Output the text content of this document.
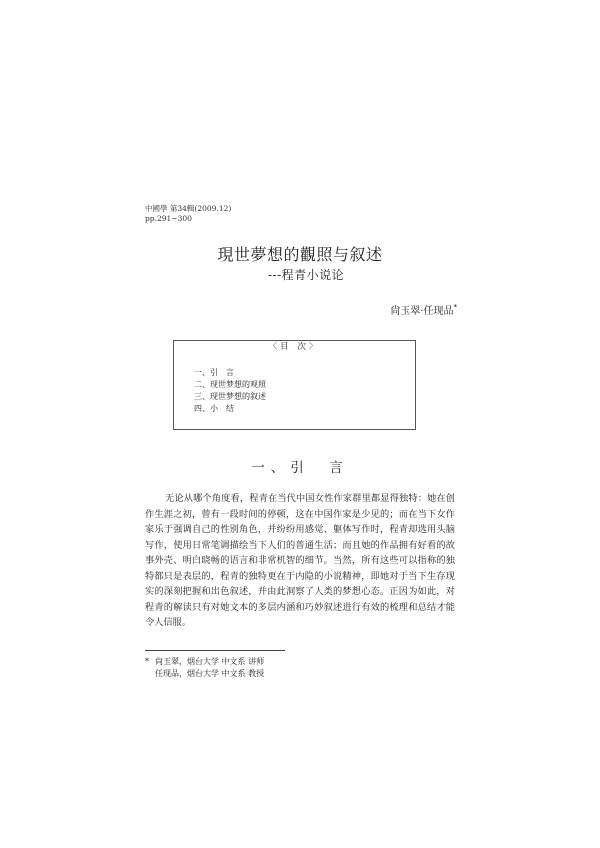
中國學 第34輯(2009.12)
pp.291~300
現世夢想的觀照与叙述
---程青小说论
尙玉翠·任现品*
〈目 次〉
一、引　言
二、现世梦想的观照
三、现世梦想的叙述
四、小　结
一、引　言

无论从哪个角度看，程青在当代中国女性作家群里都显得独特：她在创作生涯之初，曾有一段时间的停顿，这在中国作家是少见的；而在当下女作家乐于强调自己的性别角色，并纷纷用感觉、躯体写作时，程青却选用头脑写作，使用日常笔调描绘当下人们的普通生活；而且她的作品拥有好看的故事外壳、明白晓畅的语言和非常机智的细节。当然，所有这些可以指称的独特都只是表层的，程青的独特更在于内隐的小说精神，即她对于当下生存现实的深刻把握和出色叙述，并由此洞察了人类的梦想心态。正因为如此，对程青的解读只有对她文本的多层内涵和巧妙叙述进行有效的梳理和总结才能令人信服。

* 尙玉翠，烟台大学 中文系 讲师
任现品，烟台大学 中文系 教授
